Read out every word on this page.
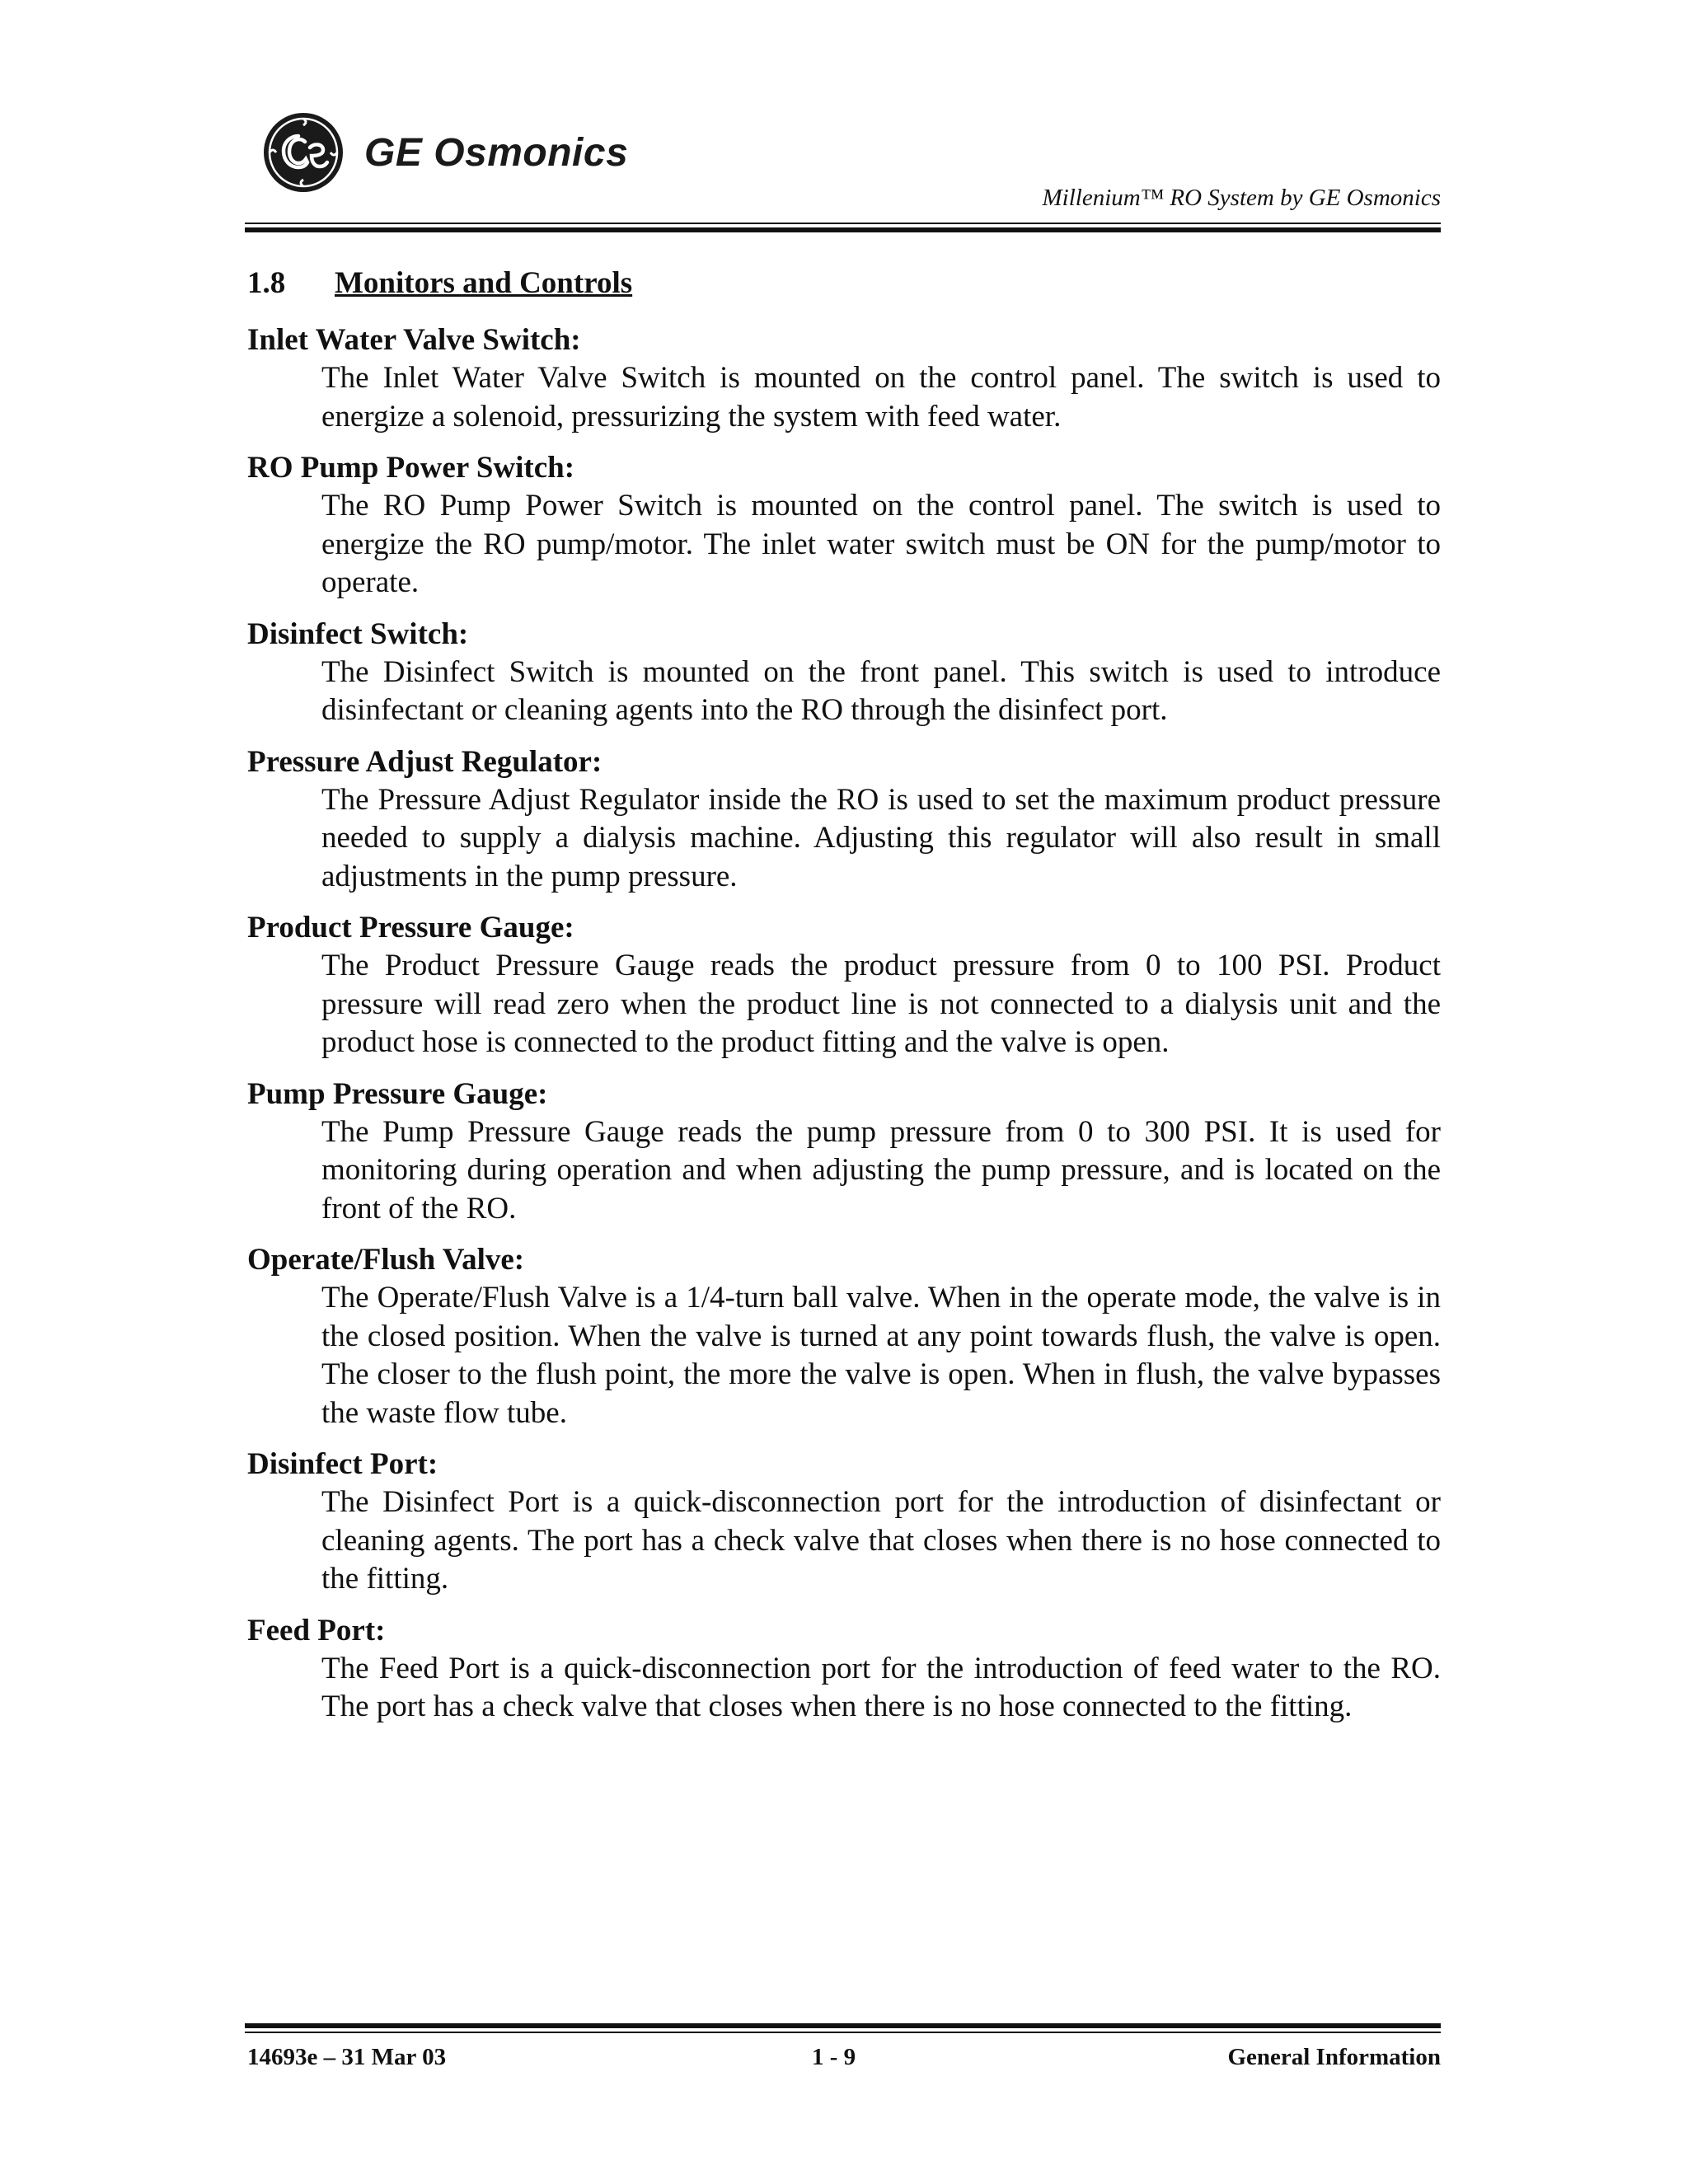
GE Osmonics
Millenium™ RO System by GE Osmonics
1.8 Monitors and Controls

Inlet Water Valve Switch:

The Inlet Water Valve Switch is mounted on the control panel. The switch is used to energize a solenoid, pressurizing the system with feed water.

RO Pump Power Switch:

The RO Pump Power Switch is mounted on the control panel. The switch is used to energize the RO pump/motor. The inlet water switch must be ON for the pump/motor to operate.

Disinfect Switch:

The Disinfect Switch is mounted on the front panel. This switch is used to introduce disinfectant or cleaning agents into the RO through the disinfect port.

Pressure Adjust Regulator:

The Pressure Adjust Regulator inside the RO is used to set the maximum product pressure needed to supply a dialysis machine. Adjusting this regulator will also result in small adjustments in the pump pressure.

Product Pressure Gauge:

The Product Pressure Gauge reads the product pressure from 0 to 100 PSI. Product pressure will read zero when the product line is not connected to a dialysis unit and the product hose is connected to the product fitting and the valve is open.

Pump Pressure Gauge:

The Pump Pressure Gauge reads the pump pressure from 0 to 300 PSI. It is used for monitoring during operation and when adjusting the pump pressure, and is located on the front of the RO.

Operate/Flush Valve:

The Operate/Flush Valve is a 1/4-turn ball valve. When in the operate mode, the valve is in the closed position. When the valve is turned at any point towards flush, the valve is open. The closer to the flush point, the more the valve is open. When in flush, the valve bypasses the waste flow tube.

Disinfect Port:

The Disinfect Port is a quick-disconnection port for the introduction of disinfectant or cleaning agents. The port has a check valve that closes when there is no hose connected to the fitting.

Feed Port:

The Feed Port is a quick-disconnection port for the introduction of feed water to the RO. The port has a check valve that closes when there is no hose connected to the fitting.

14693e – 31 Mar 03	1 - 9	General Information
